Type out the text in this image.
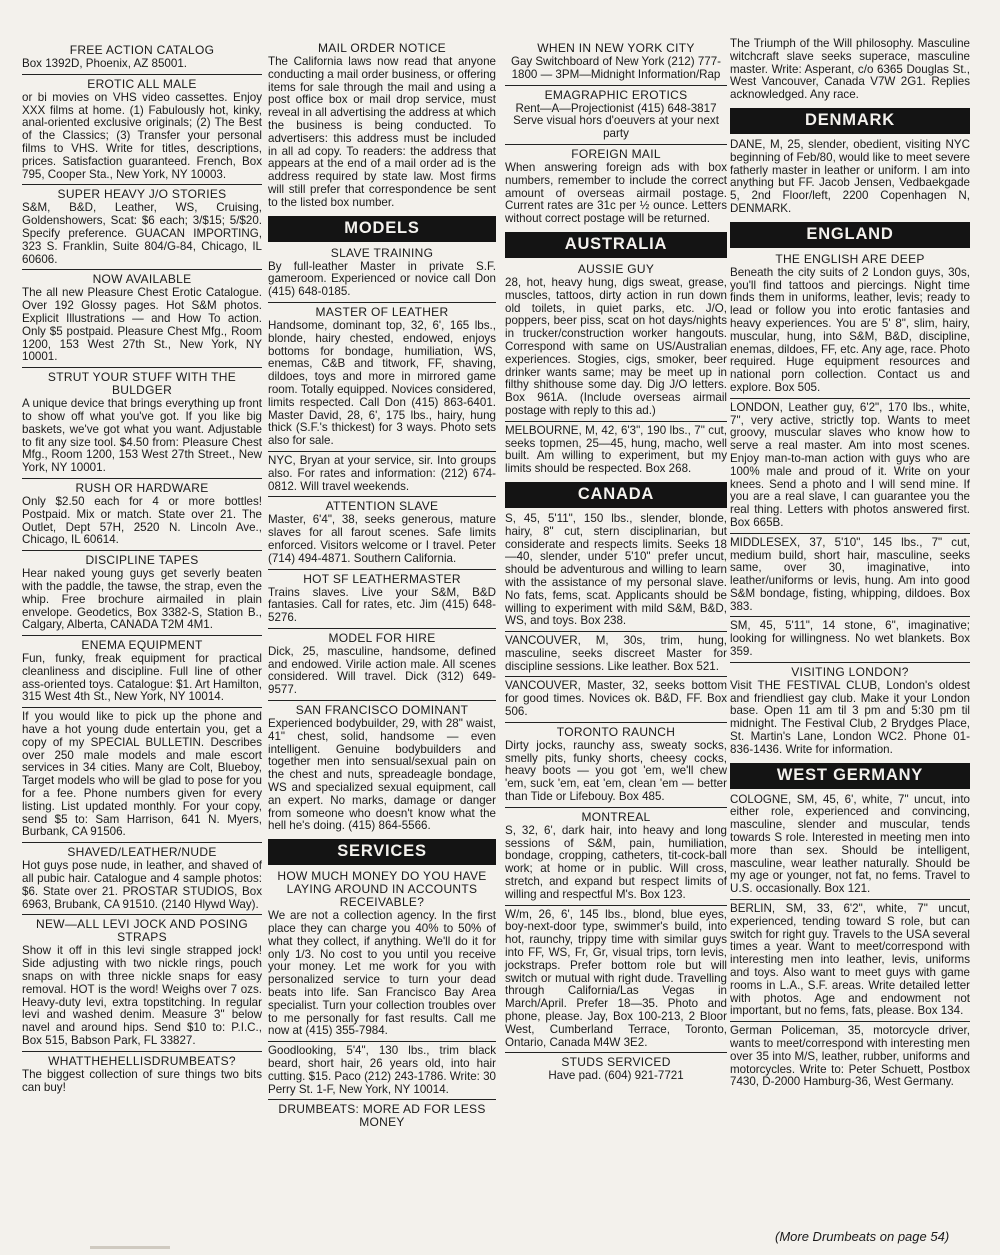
FREE ACTION CATALOG
Box 1392D, Phoenix, AZ 85001.
EROTIC ALL MALE
or bi movies on VHS video cassettes. Enjoy XXX films at home. (1) Fabulously hot, kinky, anal-oriented exclusive originals; (2) The Best of the Classics; (3) Transfer your personal films to VHS. Write for titles, descriptions, prices. Satisfaction guaranteed. French, Box 795, Cooper Sta., New York, NY 10003.
SUPER HEAVY J/O STORIES
S&M, B&D, Leather, WS, Cruising, Goldenshowers, Scat: $6 each; 3/$15; 5/$20. Specify preference. GUACAN IMPORTING, 323 S. Franklin, Suite 804/G-84, Chicago, IL 60606.
NOW AVAILABLE
The all new Pleasure Chest Erotic Catalogue. Over 192 Glossy pages. Hot S&M photos. Explicit Illustrations — and How To action. Only $5 postpaid. Pleasure Chest Mfg., Room 1200, 153 West 27th St., New York, NY 10001.
STRUT YOUR STUFF WITH THE BULDGER
A unique device that brings everything up front to show off what you've got. If you like big baskets, we've got what you want. Adjustable to fit any size tool. $4.50 from: Pleasure Chest Mfg., Room 1200, 153 West 27th Street., New York, NY 10001.
RUSH OR HARDWARE
Only $2.50 each for 4 or more bottles! Postpaid. Mix or match. State over 21. The Outlet, Dept 57H, 2520 N. Lincoln Ave., Chicago, IL 60614.
DISCIPLINE TAPES
Hear naked young guys get severly beaten with the paddle, the tawse, the strap, even the whip. Free brochure airmailed in plain envelope. Geodetics, Box 3382-S, Station B., Calgary, Alberta, CANADA T2M 4M1.
ENEMA EQUIPMENT
Fun, funky, freak equipment for practical cleanliness and discipline. Full line of other ass-oriented toys. Catalogue: $1. Art Hamilton, 315 West 4th St., New York, NY 10014.
If you would like to pick up the phone and have a hot young dude entertain you, get a copy of my SPECIAL BULLETIN. Describes over 250 male models and male escort services in 34 cities. Many are Colt, Blueboy, Target models who will be glad to pose for you for a fee. Phone numbers given for every listing. List updated monthly. For your copy, send $5 to: Sam Harrison, 641 N. Myers, Burbank, CA 91506.
SHAVED/LEATHER/NUDE
Hot guys pose nude, in leather, and shaved of all pubic hair. Catalogue and 4 sample photos: $6. State over 21. PROSTAR STUDIOS, Box 6963, Brubank, CA 91510. (2140 Hlywd Way).
NEW—ALL LEVI JOCK AND POSING STRAPS
Show it off in this levi single strapped jock! Side adjusting with two nickle rings, pouch snaps on with three nickle snaps for easy removal. HOT is the word! Weighs over 7 ozs. Heavy-duty levi, extra topstitching. In regular levi and washed denim. Measure 3" below navel and around hips. Send $10 to: P.I.C., Box 515, Babson Park, FL 33827.
WHATTHEHELLISDRUMBEATS?
The biggest collection of sure things two bits can buy!
MAIL ORDER NOTICE
The California laws now read that anyone conducting a mail order business, or offering items for sale through the mail and using a post office box or mail drop service, must reveal in all advertising the address at which the business is being conducted. To advertisers: this address must be included in all ad copy. To readers: the address that appears at the end of a mail order ad is the address required by state law. Most firms will still prefer that correspondence be sent to the listed box number.
MODELS
SLAVE TRAINING
By full-leather Master in private S.F. gameroom. Experienced or novice call Don (415) 648-0185.
MASTER OF LEATHER
Handsome, dominant top, 32, 6', 165 lbs., blonde, hairy chested, endowed, enjoys bottoms for bondage, humiliation, WS, enemas, C&B and titwork, FF, shaving, dildoes, toys and more in mirrored game room. Totally equipped. Novices considered, limits respected. Call Don (415) 863-6401. Master David, 28, 6', 175 lbs., hairy, hung thick (S.F.'s thickest) for 3 ways. Photo sets also for sale.
NYC, Bryan at your service, sir. Into groups also. For rates and information: (212) 674-0812. Will travel weekends.
ATTENTION SLAVE
Master, 6'4", 38, seeks generous, mature slaves for all farout scenes. Safe limits enforced. Visitors welcome or I travel. Peter (714) 494-4871. Southern California.
HOT SF LEATHERMASTER
Trains slaves. Live your S&M, B&D fantasies. Call for rates, etc. Jim (415) 648-5276.
MODEL FOR HIRE
Dick, 25, masculine, handsome, defined and endowed. Virile action male. All scenes considered. Will travel. Dick (312) 649-9577.
SAN FRANCISCO DOMINANT
Experienced bodybuilder, 29, with 28" waist, 41" chest, solid, handsome — even intelligent. Genuine bodybuilders and together men into sensual/sexual pain on the chest and nuts, spreadeagle bondage, WS and specialized sexual equipment, call an expert. No marks, damage or danger from someone who doesn't know what the hell he's doing. (415) 864-5566.
SERVICES
HOW MUCH MONEY DO YOU HAVE LAYING AROUND IN ACCOUNTS RECEIVABLE?
We are not a collection agency. In the first place they can charge you 40% to 50% of what they collect, if anything. We'll do it for only 1/3. No cost to you until you receive your money. Let me work for you with personalized service to turn your dead beats into life. San Francisco Bay Area specialist. Turn your collection troubles over to me personally for fast results. Call me now at (415) 355-7984.
Goodlooking, 5'4", 130 lbs., trim black beard, short hair, 26 years old, into hair cutting. $15. Paco (212) 243-1786. Write: 30 Perry St. 1-F, New York, NY 10014.
DRUMBEATS: MORE AD FOR LESS MONEY
WHEN IN NEW YORK CITY
Gay Switchboard of New York (212) 777-1800 — 3PM—Midnight Information/Rap
EMAGRAPHIC EROTICS
Rent—A—Projectionist (415) 648-3817 Serve visual hors d'oeuvers at your next party
FOREIGN MAIL
When answering foreign ads with box numbers, remember to include the correct amount of overseas airmail postage. Current rates are 31c per ½ ounce. Letters without correct postage will be returned.
AUSTRALIA
AUSSIE GUY
28, hot, heavy hung, digs sweat, grease, muscles, tattoos, dirty action in run down old toilets, in quiet parks, etc. J/O, poppers, beer piss, scat on hot days/nights in trucker/construction worker hangouts. Correspond with same on US/Australian experiences. Stogies, cigs, smoker, beer drinker wants same; may be meet up in filthy shithouse some day. Dig J/O letters. Box 961A. (Include overseas airmail postage with reply to this ad.)
MELBOURNE, M, 42, 6'3", 190 lbs., 7" cut, seeks topmen, 25—45, hung, macho, well built. Am willing to experiment, but my limits should be respected. Box 268.
CANADA
S, 45, 5'11", 150 lbs., slender, blonde, hairy, 8" cut, stern disciplinarian, but considerate and respects limits. Seeks 18—40, slender, under 5'10" prefer uncut, should be adventurous and willing to learn with the assistance of my personal slave. No fats, fems, scat. Applicants should be willing to experiment with mild S&M, B&D, WS, and toys. Box 238.
VANCOUVER, M, 30s, trim, hung, masculine, seeks discreet Master for discipline sessions. Like leather. Box 521.
VANCOUVER, Master, 32, seeks bottom for good times. Novices ok. B&D, FF. Box 506.
TORONTO RAUNCH
Dirty jocks, raunchy ass, sweaty socks, smelly pits, funky shorts, cheesy cocks, heavy boots — you got 'em, we'll chew 'em, suck 'em, eat 'em, clean 'em — better than Tide or Lifebouy. Box 485.
MONTREAL
S, 32, 6', dark hair, into heavy and long sessions of S&M, pain, humiliation, bondage, cropping, catheters, tit-cock-ball work; at home or in public. Will cross, stretch, and expand but respect limits of willing and respectful M's. Box 123.
W/m, 26, 6', 145 lbs., blond, blue eyes, boy-next-door type, swimmer's build, into hot, raunchy, trippy time with similar guys into FF, WS, Fr, Gr, visual trips, torn levis, jockstraps. Prefer bottom role but will switch or mutual with right dude. Travelling through California/Las Vegas in March/April. Prefer 18—35. Photo and phone, please. Jay, Box 100-213, 2 Bloor West, Cumberland Terrace, Toronto, Ontario, Canada M4W 3E2.
STUDS SERVICED
Have pad. (604) 921-7721
The Triumph of the Will philosophy. Masculine witchcraft slave seeks superace, masculine master. Write: Asperant, c/o 6365 Douglas St., West Vancouver, Canada V7W 2G1. Replies acknowledged. Any race.
DENMARK
DANE, M, 25, slender, obedient, visiting NYC beginning of Feb/80, would like to meet severe fatherly master in leather or uniform. I am into anything but FF. Jacob Jensen, Vedbaekgade 5, 2nd Floor/left, 2200 Copenhagen N, DENMARK.
ENGLAND
THE ENGLISH ARE DEEP
Beneath the city suits of 2 London guys, 30s, you'll find tattoos and piercings. Night time finds them in uniforms, leather, levis; ready to lead or follow you into erotic fantasies and heavy experiences. You are 5' 8", slim, hairy, muscular, hung, into S&M, B&D, discipline, enemas, dildoes, FF, etc. Any age, race. Photo required. Huge equipment resources and national porn collection. Contact us and explore. Box 505.
LONDON, Leather guy, 6'2", 170 lbs., white, 7", very active, strictly top. Wants to meet groovy, muscular slaves who know how to serve a real master. Am into most scenes. Enjoy man-to-man action with guys who are 100% male and proud of it. Write on your knees. Send a photo and I will send mine. If you are a real slave, I can guarantee you the real thing. Letters with photos answered first. Box 665B.
MIDDLESEX, 37, 5'10", 145 lbs., 7" cut, medium build, short hair, masculine, seeks same, over 30, imaginative, into leather/uniforms or levis, hung. Am into good S&M bondage, fisting, whipping, dildoes. Box 383.
SM, 45, 5'11", 14 stone, 6", imaginative; looking for willingness. No wet blankets. Box 359.
VISITING LONDON?
Visit THE FESTIVAL CLUB, London's oldest and friendliest gay club. Make it your London base. Open 11 am til 3 pm and 5:30 pm til midnight. The Festival Club, 2 Brydges Place, St. Martin's Lane, London WC2. Phone 01-836-1436. Write for information.
WEST GERMANY
COLOGNE, SM, 45, 6', white, 7" uncut, into either role, experienced and convincing, masculine, slender and muscular, tends towards S role. Interested in meeting men into more than sex. Should be intelligent, masculine, wear leather naturally. Should be my age or younger, not fat, no fems. Travel to U.S. occasionally. Box 121.
BERLIN, SM, 33, 6'2", white, 7" uncut, experienced, tending toward S role, but can switch for right guy. Travels to the USA several times a year. Want to meet/correspond with interesting men into leather, levis, uniforms and toys. Also want to meet guys with game rooms in L.A., S.F. areas. Write detailed letter with photos. Age and endowment not important, but no fems, fats, please. Box 134.
German Policeman, 35, motorcycle driver, wants to meet/correspond with interesting men over 35 into M/S, leather, rubber, uniforms and motorcycles. Write to: Peter Schuett, Postbox 7430, D-2000 Hamburg-36, West Germany.
(More Drumbeats on page 54)
